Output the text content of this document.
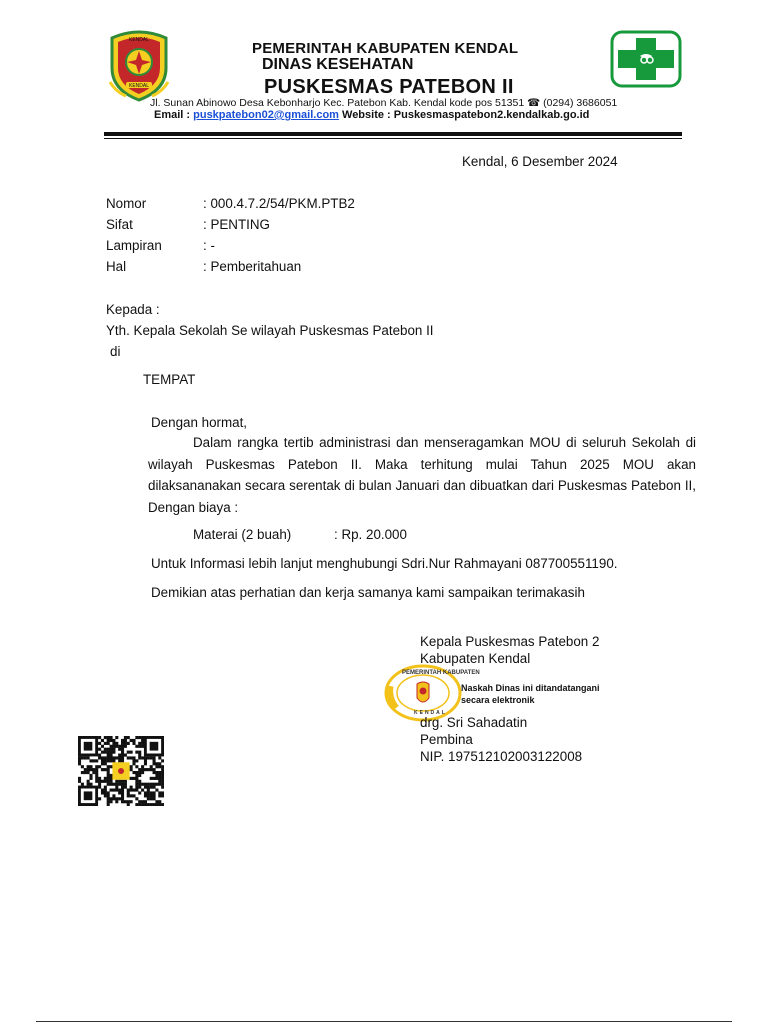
KENDAL
KENDAL
PEMERINTAH KABUPATEN KENDAL
DINAS KESEHATAN
PUSKESMAS PATEBON II
Jl. Sunan Abinowo Desa Kebonharjo Kec. Patebon Kab. Kendal kode pos 51351 ☎ (0294) 3686051
Email : puskpatebon02@gmail.com Website : Puskesmaspatebon2.kendalkab.go.id
Kendal, 6 Desember 2024
Nomor	: 000.4.7.2/54/PKM.PTB2
Sifat	: PENTING
Lampiran	: -
Hal	: Pemberitahuan
Kepada :
Yth. Kepala Sekolah Se wilayah Puskesmas Patebon II
di
TEMPAT
Dengan hormat,
Dalam rangka tertib administrasi dan menseragamkan MOU di seluruh Sekolah di wilayah Puskesmas Patebon II. Maka terhitung mulai Tahun 2025 MOU akan dilaksananakan secara serentak di bulan Januari dan dibuatkan dari Puskesmas Patebon II, Dengan biaya :
Materai (2 buah)	: Rp. 20.000
Untuk Informasi lebih lanjut menghubungi Sdri.Nur Rahmayani 087700551190.
Demikian atas perhatian dan kerja samanya kami sampaikan terimakasih
Kepala Puskesmas Patebon 2
Kabupaten Kendal
PEMERINTAH KABUPATEN
KENDAL
Naskah Dinas ini ditandatangani
secara elektronik
drg. Sri Sahadatin
Pembina
NIP. 197512102003122008
